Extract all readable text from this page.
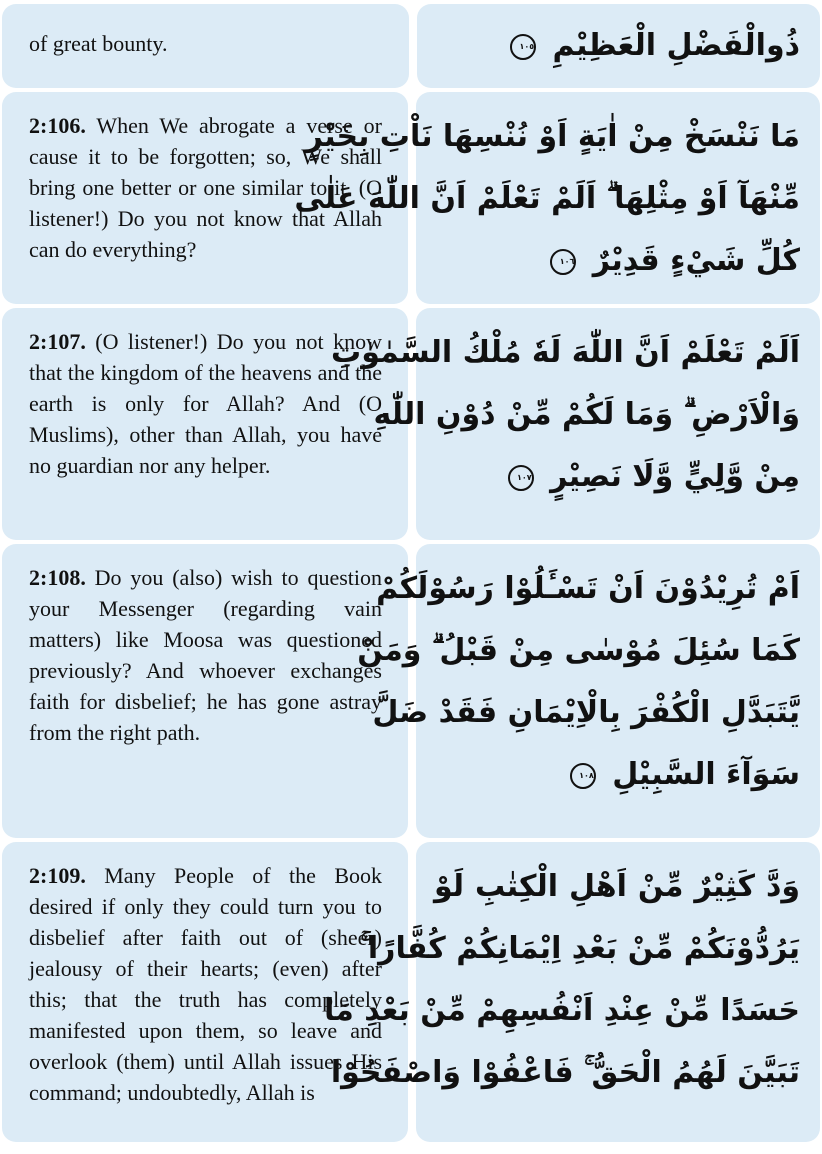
of great bounty.	ذُوالْفَضْلِ الْعَظِيْمِ ١٠٥
2:106. When We abrogate a verse or cause it to be forgotten; so, We shall bring one better or one similar to it. (O listener!) Do you not know that Allah can do everything?
مَا نَنْسَخْ مِنْ اٰيَةٍ اَوْ نُنْسِهَا نَاْتِ بِخَيْرٍ
مِّنْهَآ اَوْ مِثْلِهَا ۗ اَلَمْ تَعْلَمْ اَنَّ اللّٰهَ عَلٰى
كُلِّ شَيْءٍ قَدِيْرٌ ١٠٦
2:107. (O listener!) Do you not know that the kingdom of the heavens and the earth is only for Allah? And (O Muslims), other than Allah, you have no guardian nor any helper.
اَلَمْ تَعْلَمْ اَنَّ اللّٰهَ لَهٗ مُلْكُ السَّمٰوٰتِ
وَالْاَرْضِ ۗ وَمَا لَكُمْ مِّنْ دُوْنِ اللّٰهِ
مِنْ وَّلِيٍّ وَّلَا نَصِيْرٍ ١٠٧
2:108. Do you (also) wish to question your Messenger (regarding vain matters) like Moosa was questioned previously? And whoever exchanges faith for disbelief; he has gone astray from the right path.
اَمْ تُرِيْدُوْنَ اَنْ تَسْـَٔلُوْا رَسُوْلَكُمْ
كَمَا سُئِلَ مُوْسٰى مِنْ قَبْلُ ۗ وَمَنْ
يَّتَبَدَّلِ الْكُفْرَ بِالْاِيْمَانِ فَقَدْ ضَلَّ
سَوَآءَ السَّبِيْلِ ١٠٨
2:109. Many People of the Book desired if only they could turn you to disbelief after faith out of (sheer) jealousy of their hearts; (even) after this; that the truth has completely manifested upon them, so leave and overlook (them) until Allah issues His command; undoubtedly, Allah is
وَدَّ كَثِيْرٌ مِّنْ اَهْلِ الْكِتٰبِ لَوْ
يَرُدُّوْنَكُمْ مِّنْ بَعْدِ اِيْمَانِكُمْ كُفَّارًا ۚ
حَسَدًا مِّنْ عِنْدِ اَنْفُسِهِمْ مِّنْ بَعْدِ مَا
تَبَيَّنَ لَهُمُ الْحَقُّ ۚ فَاعْفُوْا وَاصْفَحُوْا
